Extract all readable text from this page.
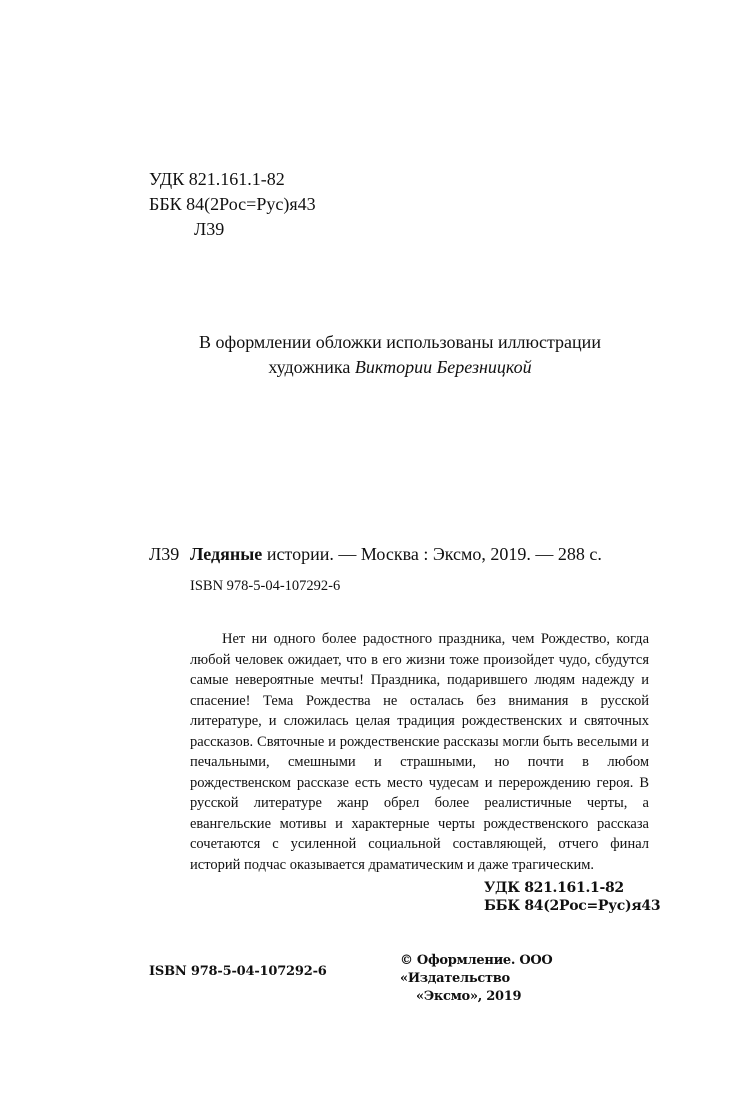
УДК 821.161.1-82
ББК 84(2Рос=Рус)я43
Л39
В оформлении обложки использованы иллюстрации
художника Виктории Березницкой
Л39 Ледяные истории. — Москва : Эксмо, 2019. — 288 с.
ISBN 978-5-04-107292-6
Нет ни одного более радостного праздника, чем Рождество, когда любой человек ожидает, что в его жизни тоже произойдет чудо, сбудутся самые невероятные мечты! Праздника, подарившего людям надежду и спасение! Тема Рождества не осталась без внимания в русской литературе, и сложилась целая традиция рождественских и святочных рассказов. Святочные и рождественские рассказы могли быть веселыми и печальными, смешными и страшными, но почти в любом рождественском рассказе есть место чудесам и перерождению героя. В русской литературе жанр обрел более реалистичные черты, а евангельские мотивы и характерные черты рождественского рассказа сочетаются с усиленной социальной составляющей, отчего финал историй подчас оказывается драматическим и даже трагическим.
УДК 821.161.1-82
ББК 84(2Рос=Рус)я43
ISBN 978-5-04-107292-6
© Оформление. ООО «Издательство
«Эксмо», 2019
